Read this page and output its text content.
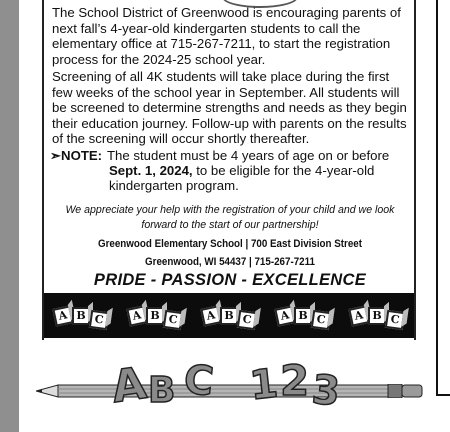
The School District of Greenwood is encouraging parents of next fall’s 4-year-old kindergarten students to call the elementary office at 715-267-7211, to start the registration process for the 2024-25 school year.

Screening of all 4K students will take place during the first few weeks of the school year in September. All students will be screened to determine strengths and needs as they begin their education journey. Follow-up with parents on the results of the screening will occur shortly thereafter.

➣NOTE: The student must be 4 years of age on or before
Sept. 1, 2024, to be eligible for the 4-year-old
kindergarten program.
We appreciate your help with the registration of your child and we look
forward to the start of our partnership!
Greenwood Elementary School | 700 East Division Street
Greenwood, WI 54437 | 715-267-7211
PRIDE - PASSION - EXCELLENCE
A B C	A B C	A B C	A B C	A B C
A
B C 1 2 3
